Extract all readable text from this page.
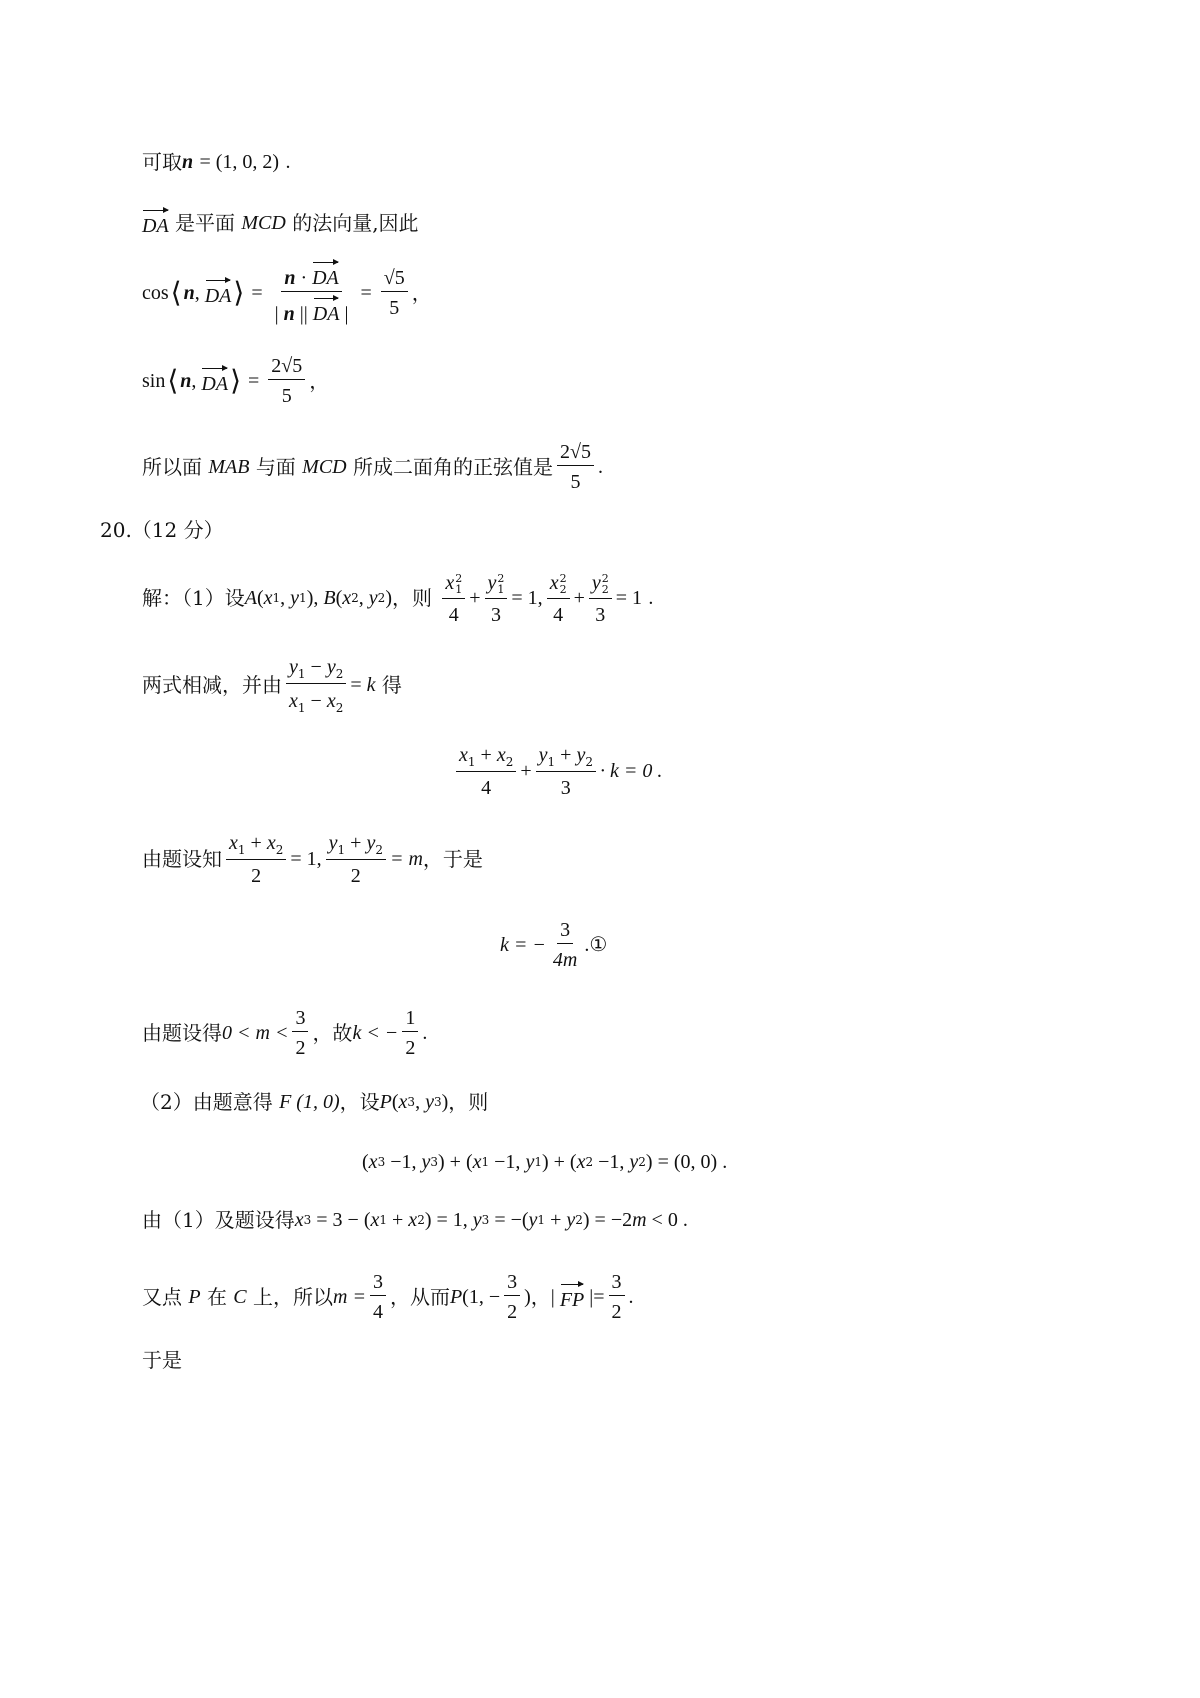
可取 n
= (1, 0, 2)
.
DA
是平面
MCD
的法向量,因此
cos ⟨ n , DA ⟩ = $\frac{n \cdot DA}{| n || DA |} = \frac{√5}{5}$ ，
sin ⟨ n , DA ⟩ = $\frac{2√5}{5}$ ，
所以面
MAB
与面
MCD
所成二面角的正弦值是 $\frac{2√5}{5}$ .
20.（12 分）
解：（1）设 A ( x 1 , y 1 ), B ( x 2 , y 2 ) ，则
x 2
1
4 + y 2
1
3 = 1, x 2
2
4 + y 2
2
3 = 1
.
两式相减，并由 $\frac{y_1 - y_2}{x_1 - x_2} = k$
得
$\frac{x_1 + x_2}{4} + \frac{y_1 + y_2}{3} \cdot k = 0$ .
由题设知 $\frac{x_1 + x_2}{2} = 1$, $\frac{y_1 + y_2}{2} = m$ ，于是
k = − $\frac{3}{4m}$ .①
由题设得 $0 < m < \frac{3}{2}$ ，故 k < − $\frac{1}{2}$ .
（2）由题意得
F (1, 0) ，设 P ( x 3 , y 3 ) ，则
( x 3 −1, y 3 ) + ( x 1 −1, y 1 ) + ( x 2 −1, y 2 ) = (0, 0) .
由（1）及题设得 x 3 = 3 − ( x 1 + x 2 ) = 1, y 3 = −( y 1 + y 2 ) = −2 m < 0 .
又点
P
在
C
上，所以 $m = \frac{3}{4}$ ，从而 P (1, − $\frac{3}{2}$ ) ， | FP | = $\frac{3}{2}$ .
于是
